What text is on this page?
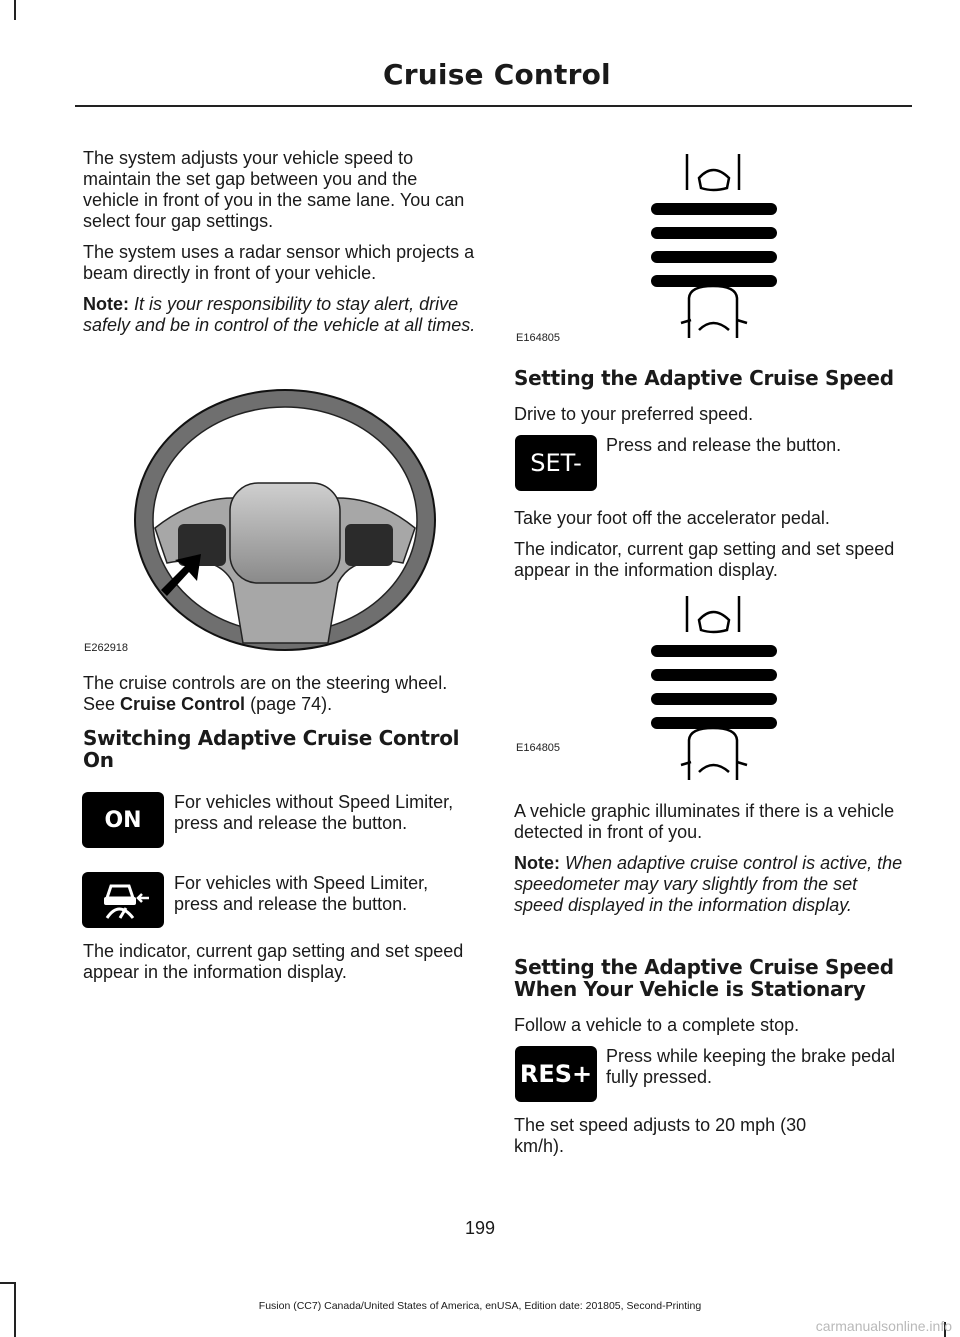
Cruise Control

The system adjusts your vehicle speed to maintain the set gap between you and the vehicle in front of you in the same lane. You can select four gap settings.

The system uses a radar sensor which projects a beam directly in front of your vehicle.

Note: It is your responsibility to stay alert, drive safely and be in control of the vehicle at all times.

E262918

The cruise controls are on the steering wheel. See Cruise Control (page 74).

Switching Adaptive Cruise Control On
ON
For vehicles without Speed Limiter, press and release the button.
For vehicles with Speed Limiter, press and release the button.
The indicator, current gap setting and set speed appear in the information display.
E164805
Setting the Adaptive Cruise Speed
Drive to your preferred speed.
SET-
Press and release the button.
Take your foot off the accelerator pedal.
The indicator, current gap setting and set speed appear in the information display.
E164805
A vehicle graphic illuminates if there is a vehicle detected in front of you.
Note: When adaptive cruise control is active, the speedometer may vary slightly from the set speed displayed in the information display.
Setting the Adaptive Cruise Speed When Your Vehicle is Stationary
Follow a vehicle to a complete stop.
RES+
Press while keeping the brake pedal fully pressed.
The set speed adjusts to 20 mph (30 km/h).
199
Fusion (CC7) Canada/United States of America, enUSA, Edition date: 201805, Second-Printing
carmanualsonline.info
